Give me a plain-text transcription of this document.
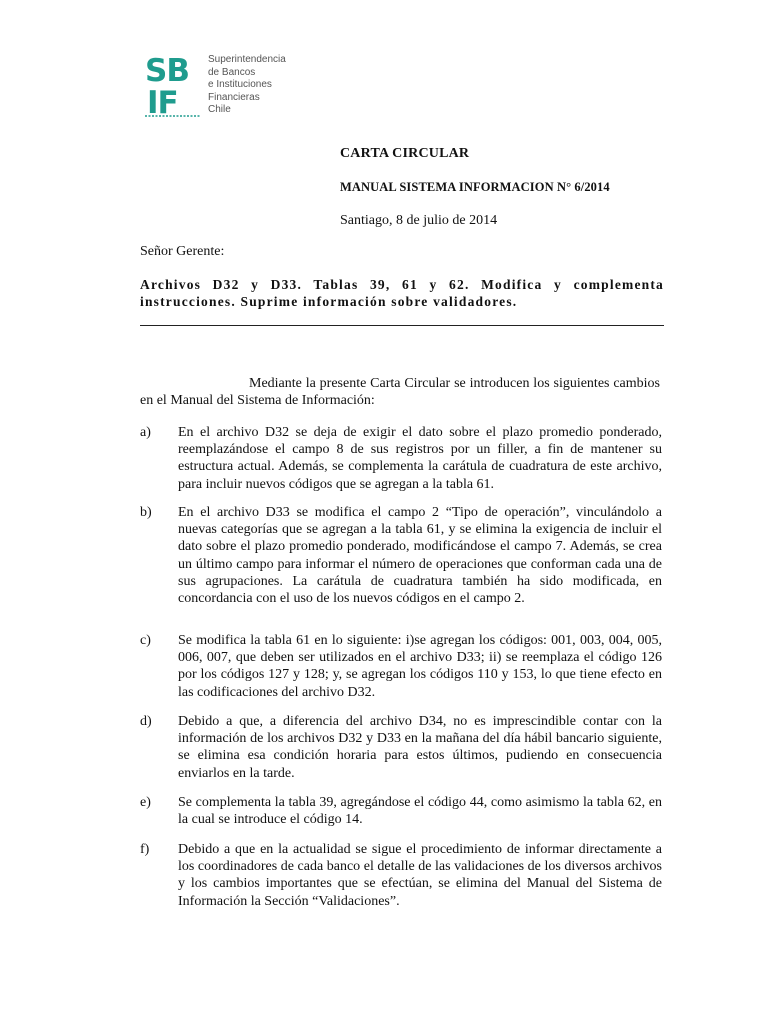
SB
IF
Superintendencia
de Bancos
e Instituciones
Financieras
Chile
CARTA CIRCULAR
MANUAL SISTEMA INFORMACION N° 6/2014
Santiago, 8 de julio de 2014
Señor Gerente:
Archivos D32 y D33. Tablas 39, 61 y 62. Modifica y complementa instrucciones. Suprime información sobre validadores.
Mediante la presente Carta Circular se introducen los siguientes cambios en el Manual del Sistema de Información:
a)	En el archivo D32 se deja de exigir el dato sobre el plazo promedio ponderado, reemplazándose el campo 8 de sus registros por un filler, a fin de mantener su estructura actual. Además, se complementa la carátula de cuadratura de este archivo, para incluir nuevos códigos que se agregan a la tabla 61.
b)	En el archivo D33 se modifica el campo 2 “Tipo de operación”, vinculándolo a nuevas categorías que se agregan a la tabla 61, y se elimina la exigencia de incluir el dato sobre el plazo promedio ponderado, modificándose el campo 7. Además, se crea un último campo para informar el número de operaciones que conforman cada una de sus agrupaciones. La carátula de cuadratura también ha sido modificada, en concordancia con el uso de los nuevos códigos en el campo 2.
c)	Se modifica la tabla 61 en lo siguiente: i)se agregan los códigos: 001, 003, 004, 005, 006, 007, que deben ser utilizados en el archivo D33; ii) se reemplaza el código 126 por los códigos 127 y 128; y, se agregan los códigos 110 y 153, lo que tiene efecto en las codificaciones del archivo D32.
d)	Debido a que, a diferencia del archivo D34, no es imprescindible contar con la información de los archivos D32 y D33 en la mañana del día hábil bancario siguiente, se elimina esa condición horaria para estos últimos, pudiendo en consecuencia enviarlos en la tarde.
e)	Se complementa la tabla 39, agregándose el código 44, como asimismo la tabla 62, en la cual se introduce el código 14.
f)	Debido a que en la actualidad se sigue el procedimiento de informar directamente a los coordinadores de cada banco el detalle de las validaciones de los diversos archivos y los cambios importantes que se efectúan, se elimina del Manual del Sistema de Información la Sección “Validaciones”.
